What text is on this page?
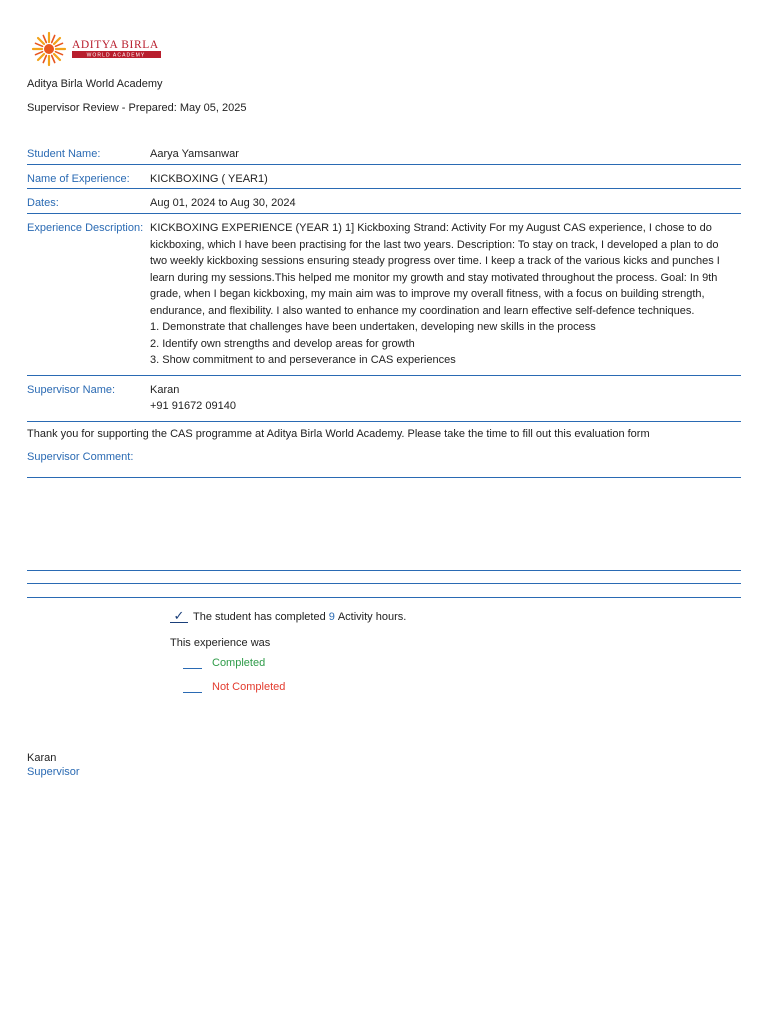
ADITYA BIRLA
WORLD ACADEMY
Aditya Birla World Academy
Supervisor Review - Prepared: May 05, 2025
Student Name:	Aarya Yamsanwar
Name of Experience:	KICKBOXING ( YEAR1)
Dates:	Aug 01, 2024 to Aug 30, 2024
Experience Description: KICKBOXING EXPERIENCE (YEAR 1) 1] Kickboxing Strand: Activity For my August CAS experience, I chose to do
kickboxing, which I have been practising for the last two years. Description: To stay on track, I developed a plan to do
two weekly kickboxing sessions ensuring steady progress over time. I keep a track of the various kicks and punches I
learn during my sessions.This helped me monitor my growth and stay motivated throughout the process. Goal: In 9th
grade, when I began kickboxing, my main aim was to improve my overall fitness, with a focus on building strength,
endurance, and flexibility. I also wanted to enhance my coordination and learn effective self-defence techniques.
1. Demonstrate that challenges have been undertaken, developing new skills in the process
2. Identify own strengths and develop areas for growth
3. Show commitment to and perseverance in CAS experiences
Supervisor Name:	Karan
+91 91672 09140
Thank you for supporting the CAS programme at Aditya Birla World Academy. Please take the time to fill out this evaluation form
Supervisor Comment:
✓ The student has completed 9 Activity hours.
This experience was
Completed
Not Completed
Karan
Supervisor
